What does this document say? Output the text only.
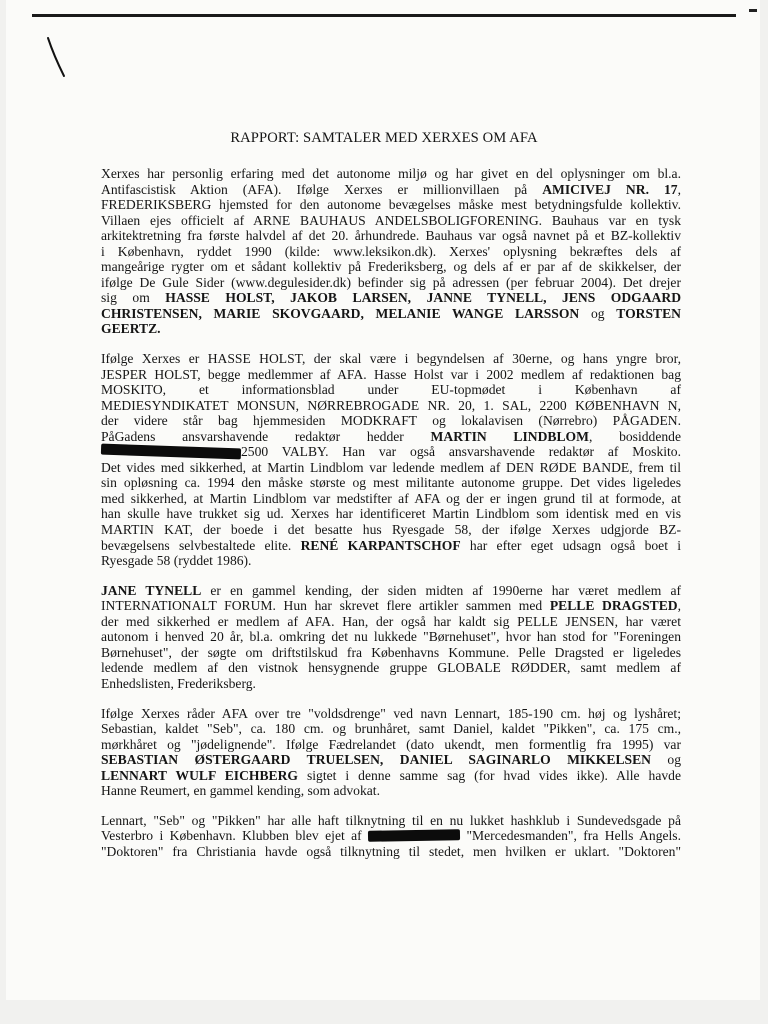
RAPPORT: SAMTALER MED XERXES OM AFA
Xerxes har personlig erfaring med det autonome miljø og har givet en del oplysninger om bl.a.
Antifascistisk Aktion (AFA). Ifølge Xerxes er millionvillaen på AMICIVEJ NR. 17,
FREDERIKSBERG hjemsted for den autonome bevægelses måske mest betydningsfulde kollektiv.
Villaen ejes officielt af ARNE BAUHAUS ANDELSBOLIGFORENING. Bauhaus var en tysk
arkitektretning fra første halvdel af det 20. århundrede. Bauhaus var også navnet på et BZ-kollektiv
i København, ryddet 1990 (kilde: www.leksikon.dk). Xerxes' oplysning bekræftes dels af
mangeårige rygter om et sådant kollektiv på Frederiksberg, og dels af er par af de skikkelser, der
ifølge De Gule Sider (www.degulesider.dk) befinder sig på adressen (per februar 2004). Det drejer
sig om HASSE HOLST, JAKOB LARSEN, JANNE TYNELL, JENS ODGAARD
CHRISTENSEN, MARIE SKOVGAARD, MELANIE WANGE LARSSON og TORSTEN
GEERTZ.
Ifølge Xerxes er HASSE HOLST, der skal være i begyndelsen af 30erne, og hans yngre bror,
JESPER HOLST, begge medlemmer af AFA. Hasse Holst var i 2002 medlem af redaktionen bag
MOSKITO, et informationsblad under EU-topmødet i København af
MEDIESYNDIKATET MONSUN, NØRREBROGADE NR. 20, 1. SAL, 2200 KØBENHAVN N,
der videre står bag hjemmesiden MODKRAFT og lokalavisen (Nørrebro) PÅGADEN.
PåGadens ansvarshavende redaktør hedder MARTIN LINDBLOM, bosiddende
2500 VALBY. Han var også ansvarshavende redaktør af Moskito.
Det vides med sikkerhed, at Martin Lindblom var ledende medlem af DEN RØDE BANDE, frem til
sin opløsning ca. 1994 den måske største og mest militante autonome gruppe. Det vides ligeledes
med sikkerhed, at Martin Lindblom var medstifter af AFA og der er ingen grund til at formode, at
han skulle have trukket sig ud. Xerxes har identificeret Martin Lindblom som identisk med en vis
MARTIN KAT, der boede i det besatte hus Ryesgade 58, der ifølge Xerxes udgjorde BZ-
bevægelsens selvbestaltede elite. RENÉ KARPANTSCHOF har efter eget udsagn også boet i
Ryesgade 58 (ryddet 1986).
JANE TYNELL er en gammel kending, der siden midten af 1990erne har været medlem af
INTERNATIONALT FORUM. Hun har skrevet flere artikler sammen med PELLE DRAGSTED,
der med sikkerhed er medlem af AFA. Han, der også har kaldt sig PELLE JENSEN, har været
autonom i henved 20 år, bl.a. omkring det nu lukkede "Børnehuset", hvor han stod for "Foreningen
Børnehuset", der søgte om driftstilskud fra Københavns Kommune. Pelle Dragsted er ligeledes
ledende medlem af den vistnok hensygnende gruppe GLOBALE RØDDER, samt medlem af
Enhedslisten, Frederiksberg.
Ifølge Xerxes råder AFA over tre "voldsdrenge" ved navn Lennart, 185-190 cm. høj og lyshåret;
Sebastian, kaldet "Seb", ca. 180 cm. og brunhåret, samt Daniel, kaldet "Pikken", ca. 175 cm.,
mørkhåret og "jødelignende". Ifølge Fædrelandet (dato ukendt, men formentlig fra 1995) var
SEBASTIAN ØSTERGAARD TRUELSEN, DANIEL SAGINARLO MIKKELSEN og
LENNART WULF EICHBERG sigtet i denne samme sag (for hvad vides ikke). Alle havde
Hanne Reumert, en gammel kending, som advokat.
Lennart, "Seb" og "Pikken" har alle haft tilknytning til en nu lukket hashklub i Sundevedsgade på
Vesterbro i København. Klubben blev ejet af	"Mercedesmanden", fra Hells Angels.
"Doktoren" fra Christiania havde også tilknytning til stedet, men hvilken er uklart. "Doktoren"
